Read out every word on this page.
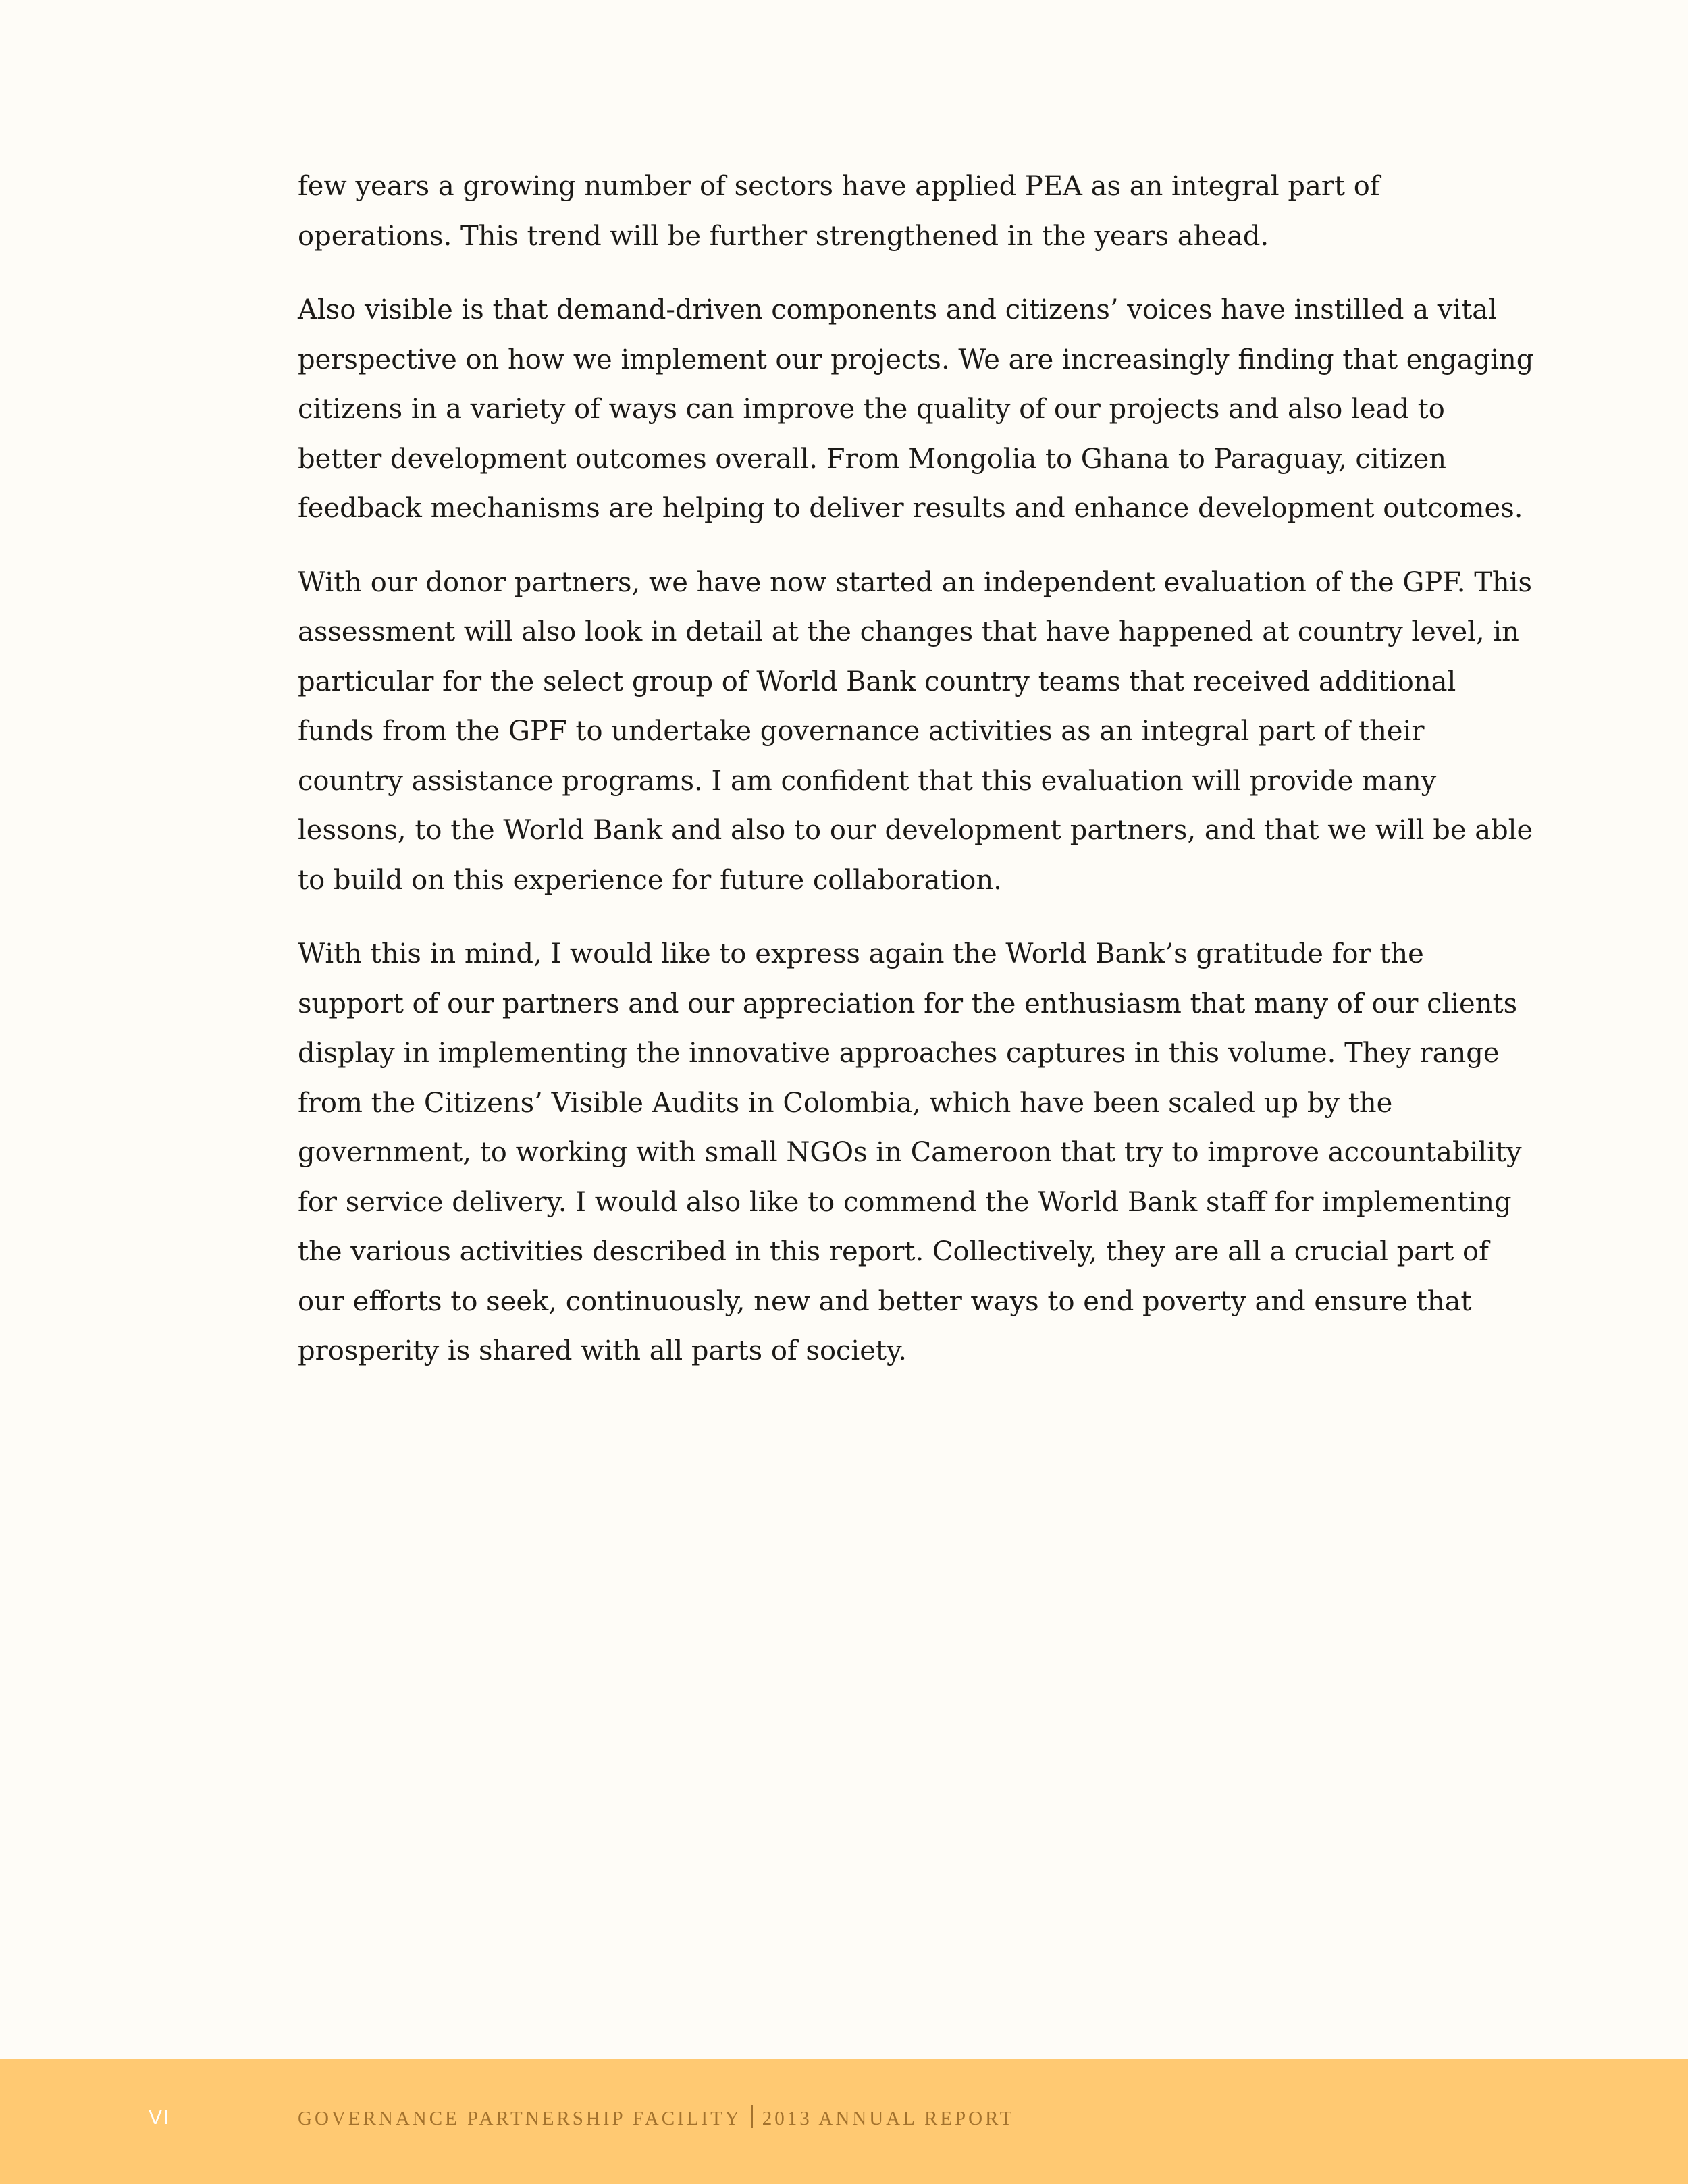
few years a growing number of sectors have applied PEA as an integral part of operations. This trend will be further strengthened in the years ahead.

Also visible is that demand-driven components and citizens’ voices have instilled a vital perspective on how we implement our projects. We are increasingly finding that engaging citizens in a variety of ways can improve the quality of our projects and also lead to better development outcomes overall. From Mongolia to Ghana to Paraguay, citizen feedback mechanisms are helping to deliver results and enhance development outcomes.

With our donor partners, we have now started an independent evaluation of the GPF. This assessment will also look in detail at the changes that have happened at country level, in particular for the select group of World Bank country teams that received additional funds from the GPF to undertake governance activities as an integral part of their country assistance programs. I am confident that this evaluation will provide many lessons, to the World Bank and also to our development partners, and that we will be able to build on this experience for future collaboration.

With this in mind, I would like to express again the World Bank’s gratitude for the support of our partners and our appreciation for the enthusiasm that many of our clients display in implementing the innovative approaches captures in this volume. They range from the Citizens’ Visible Audits in Colombia, which have been scaled up by the government, to working with small NGOs in Cameroon that try to improve accountability for service delivery. I would also like to commend the World Bank staff for implementing the various activities described in this report. Collectively, they are all a crucial part of our efforts to seek, continuously, new and better ways to end poverty and ensure that prosperity is shared with all parts of society.

VI	GOVERNANCE PARTNERSHIP FACILITY 2013 ANNUAL REPORT
